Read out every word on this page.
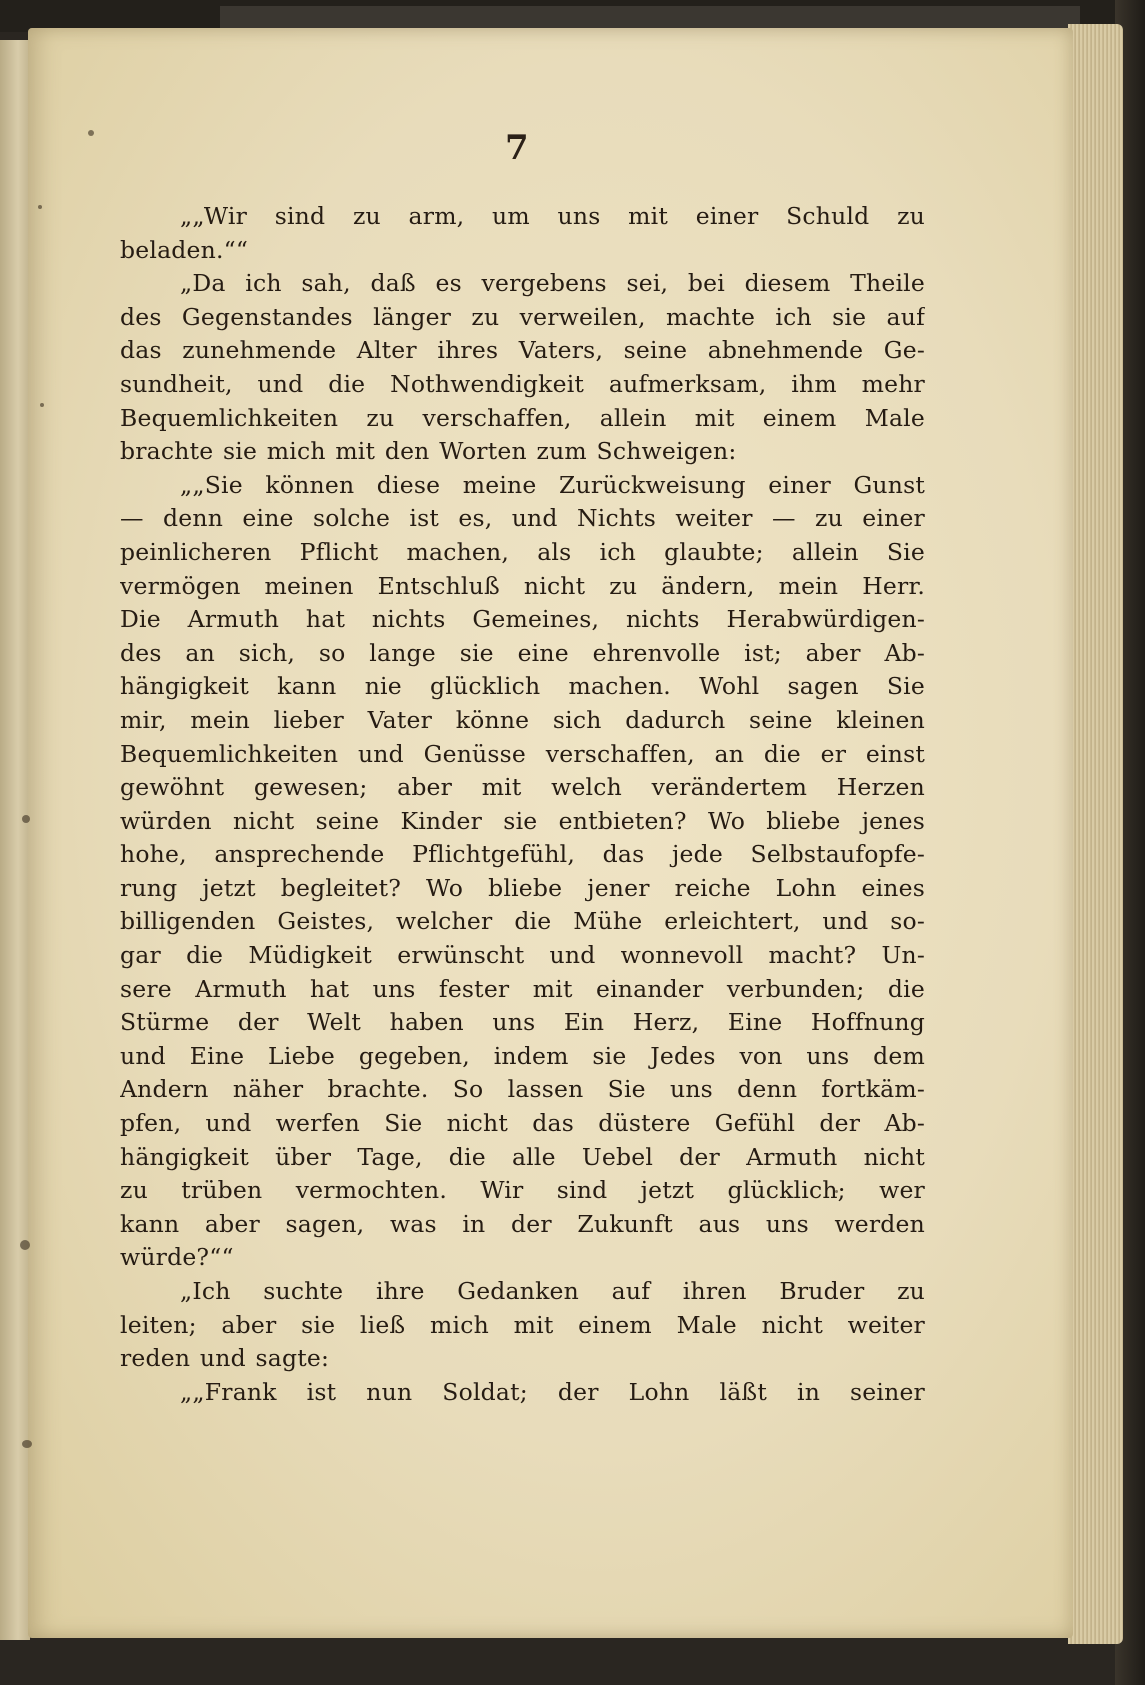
7
„„Wir sind zu arm, um uns mit einer Schuld zu
beladen.““
„Da ich sah, daß es vergebens sei, bei diesem Theile
des Gegenstandes länger zu verweilen, machte ich sie auf
das zunehmende Alter ihres Vaters, seine abnehmende Ge-
sundheit, und die Nothwendigkeit aufmerksam, ihm mehr
Bequemlichkeiten zu verschaffen, allein mit einem Male
brachte sie mich mit den Worten zum Schweigen:
„„Sie können diese meine Zurückweisung einer Gunst
— denn eine solche ist es, und Nichts weiter — zu einer
peinlicheren Pflicht machen, als ich glaubte; allein Sie
vermögen meinen Entschluß nicht zu ändern, mein Herr.
Die Armuth hat nichts Gemeines, nichts Herabwürdigen-
des an sich, so lange sie eine ehrenvolle ist; aber Ab-
hängigkeit kann nie glücklich machen. Wohl sagen Sie
mir, mein lieber Vater könne sich dadurch seine kleinen
Bequemlichkeiten und Genüsse verschaffen, an die er einst
gewöhnt gewesen; aber mit welch verändertem Herzen
würden nicht seine Kinder sie entbieten? Wo bliebe jenes
hohe, ansprechende Pflichtgefühl, das jede Selbstaufopfe-
rung jetzt begleitet? Wo bliebe jener reiche Lohn eines
billigenden Geistes, welcher die Mühe erleichtert, und so-
gar die Müdigkeit erwünscht und wonnevoll macht? Un-
sere Armuth hat uns fester mit einander verbunden; die
Stürme der Welt haben uns Ein Herz, Eine Hoffnung
und Eine Liebe gegeben, indem sie Jedes von uns dem
Andern näher brachte. So lassen Sie uns denn fortkäm-
pfen, und werfen Sie nicht das düstere Gefühl der Ab-
hängigkeit über Tage, die alle Uebel der Armuth nicht
zu trüben vermochten. Wir sind jetzt glücklich; wer
kann aber sagen, was in der Zukunft aus uns werden
würde?““
„Ich suchte ihre Gedanken auf ihren Bruder zu
leiten; aber sie ließ mich mit einem Male nicht weiter
reden und sagte:
„„Frank ist nun Soldat; der Lohn läßt in seiner
